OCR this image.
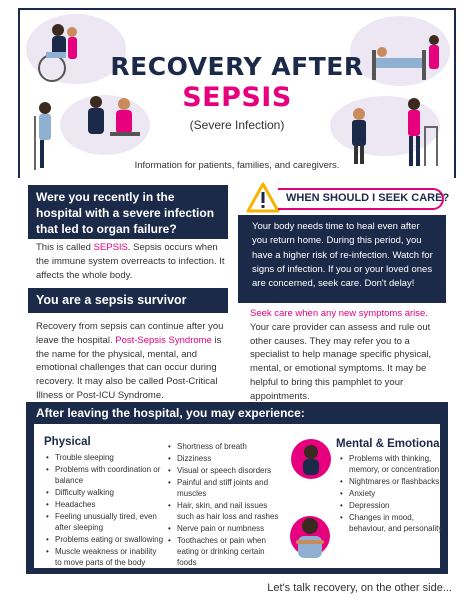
RECOVERY AFTER
SEPSIS
(Severe Infection)
Information for patients, families, and caregivers.
Were you recently in the hospital with a severe infection that led to organ failure?
This is called SEPSIS. Sepsis occurs when the immune system overreacts to infection. It affects the whole body.
You are a sepsis survivor
Recovery from sepsis can continue after you leave the hospital. Post-Sepsis Syndrome is the name for the physical, mental, and emotional challenges that can occur during recovery. It may also be called Post-Critical Illness or Post-ICU Syndrome.
WHEN SHOULD I SEEK CARE?
Your body needs time to heal even after you return home. During this period, you have a higher risk of re-infection. Watch for signs of infection. If you or your loved ones are concerned, seek care. Don't delay!
Seek care when any new symptoms arise. Your care provider can assess and rule out other causes. They may refer you to a specialist to help manage specific physical, mental, or emotional symptoms. It may be helpful to bring this pamphlet to your appointments.
After leaving the hospital, you may experience:
Physical
• Trouble sleeping
• Problems with coordination or balance
• Difficulty walking
• Headaches
• Feeling unusually tired, even after sleeping
• Problems eating or swallowing
• Muscle weakness or inability to move parts of the body
• Shortness of breath
• Dizziness
• Visual or speech disorders
• Painful and stiff joints and muscles
• Hair, skin, and nail issues such as hair loss and rashes
• Nerve pain or numbness
• Toothaches or pain when eating or drinking certain foods
Mental & Emotional
• Problems with thinking, memory, or concentration
• Nightmares or flashbacks
• Anxiety
• Depression
• Changes in mood, behaviour, and personality
Let's talk recovery, on the other side...
